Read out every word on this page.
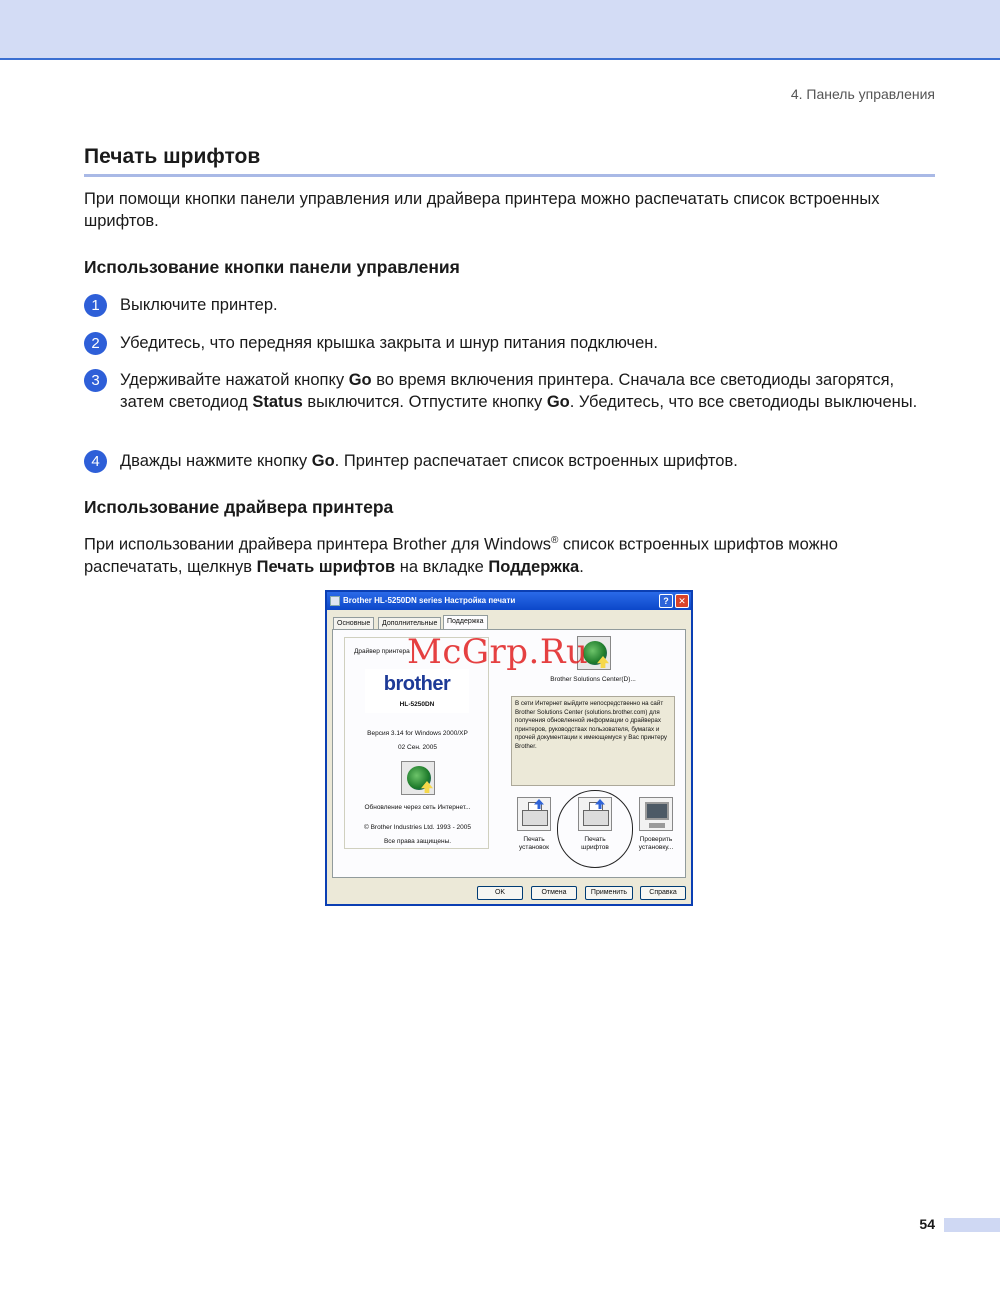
4. Панель управления
Печать шрифтов
При помощи кнопки панели управления или драйвера принтера можно распечатать список встроенных шрифтов.
Использование кнопки панели управления
1	Выключите принтер.
2	Убедитесь, что передняя крышка закрыта и шнур питания подключен.
3	Удерживайте нажатой кнопку Go во время включения принтера. Сначала все светодиоды загорятся, затем светодиод Status выключится. Отпустите кнопку Go. Убедитесь, что все светодиоды выключены.
4	Дважды нажмите кнопку Go. Принтер распечатает список встроенных шрифтов.
Использование драйвера принтера
При использовании драйвера принтера Brother для Windows® список встроенных шрифтов можно распечатать, щелкнув Печать шрифтов на вкладке Поддержка.
Brother HL-5250DN series Настройка печати	?	✕
Основные	Дополнительные	Поддержка
Драйвер принтера
brother
HL-5250DN
Версия 3.14 for Windows 2000/XP
02 Сен. 2005
Обновление через сеть Интернет...
© Brother Industries Ltd. 1993 - 2005
Все права защищены.
Brother Solutions Center(D)...
В сети Интернет выйдите непосредственно на сайт Brother Solutions Center (solutions.brother.com) для получения обновленной информации о драйверах принтеров, руководствах пользователя, бумагах и прочей документации к имеющемуся у Вас принтеру Brother.
Печать
установок
Печать
шрифтов
Проверить
установку...
OK	Отмена	Применить	Справка
McGrp.Ru
54
